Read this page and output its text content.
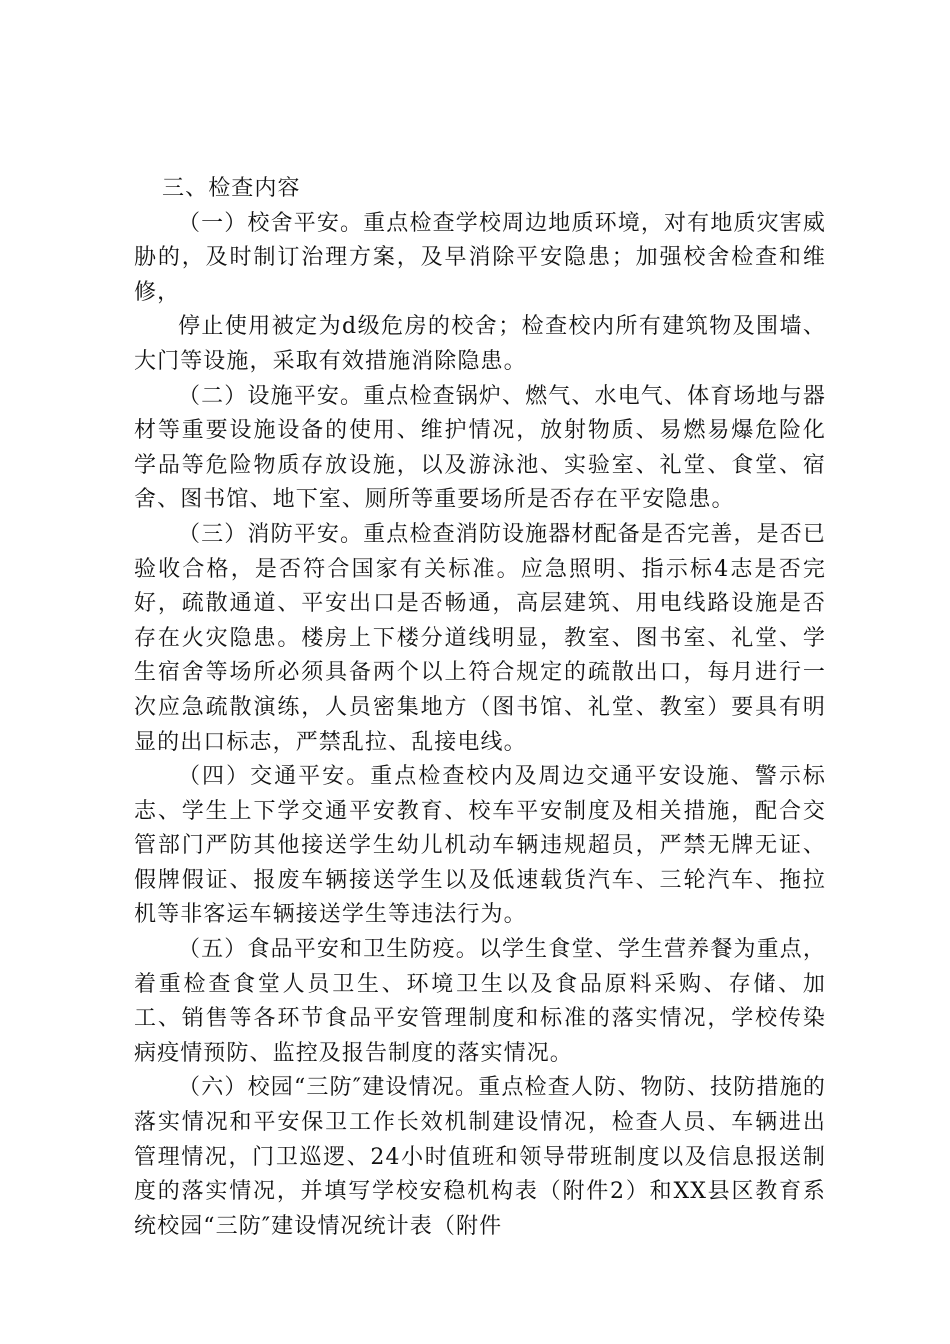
三、检查内容

（一）校舍平安。重点检查学校周边地质环境，对有地质灾害威胁的，及时制订治理方案，及早消除平安隐患；加强校舍检查和维修，

停止使用被定为d级危房的校舍；检查校内所有建筑物及围墙、大门等设施，采取有效措施消除隐患。

（二）设施平安。重点检查锅炉、燃气、水电气、体育场地与器材等重要设施设备的使用、维护情况，放射物质、易燃易爆危险化学品等危险物质存放设施，以及游泳池、实验室、礼堂、食堂、宿舍、图书馆、地下室、厕所等重要场所是否存在平安隐患。

（三）消防平安。重点检查消防设施器材配备是否完善，是否已验收合格，是否符合国家有关标准。应急照明、指示标4志是否完好，疏散通道、平安出口是否畅通，高层建筑、用电线路设施是否存在火灾隐患。楼房上下楼分道线明显，教室、图书室、礼堂、学生宿舍等场所必须具备两个以上符合规定的疏散出口，每月进行一次应急疏散演练，人员密集地方（图书馆、礼堂、教室）要具有明显的出口标志，严禁乱拉、乱接电线。

（四）交通平安。重点检查校内及周边交通平安设施、警示标志、学生上下学交通平安教育、校车平安制度及相关措施，配合交管部门严防其他接送学生幼儿机动车辆违规超员，严禁无牌无证、假牌假证、报废车辆接送学生以及低速载货汽车、三轮汽车、拖拉机等非客运车辆接送学生等违法行为。

（五）食品平安和卫生防疫。以学生食堂、学生营养餐为重点，着重检查食堂人员卫生、环境卫生以及食品原料采购、存储、加工、销售等各环节食品平安管理制度和标准的落实情况，学校传染病疫情预防、监控及报告制度的落实情况。

（六）校园“三防″建设情况。重点检查人防、物防、技防措施的落实情况和平安保卫工作长效机制建设情况，检查人员、车辆进出管理情况，门卫巡逻、24小时值班和领导带班制度以及信息报送制度的落实情况，并填写学校安稳机构表（附件2）和XX县区教育系统校园“三防″建设情况统计表（附件
